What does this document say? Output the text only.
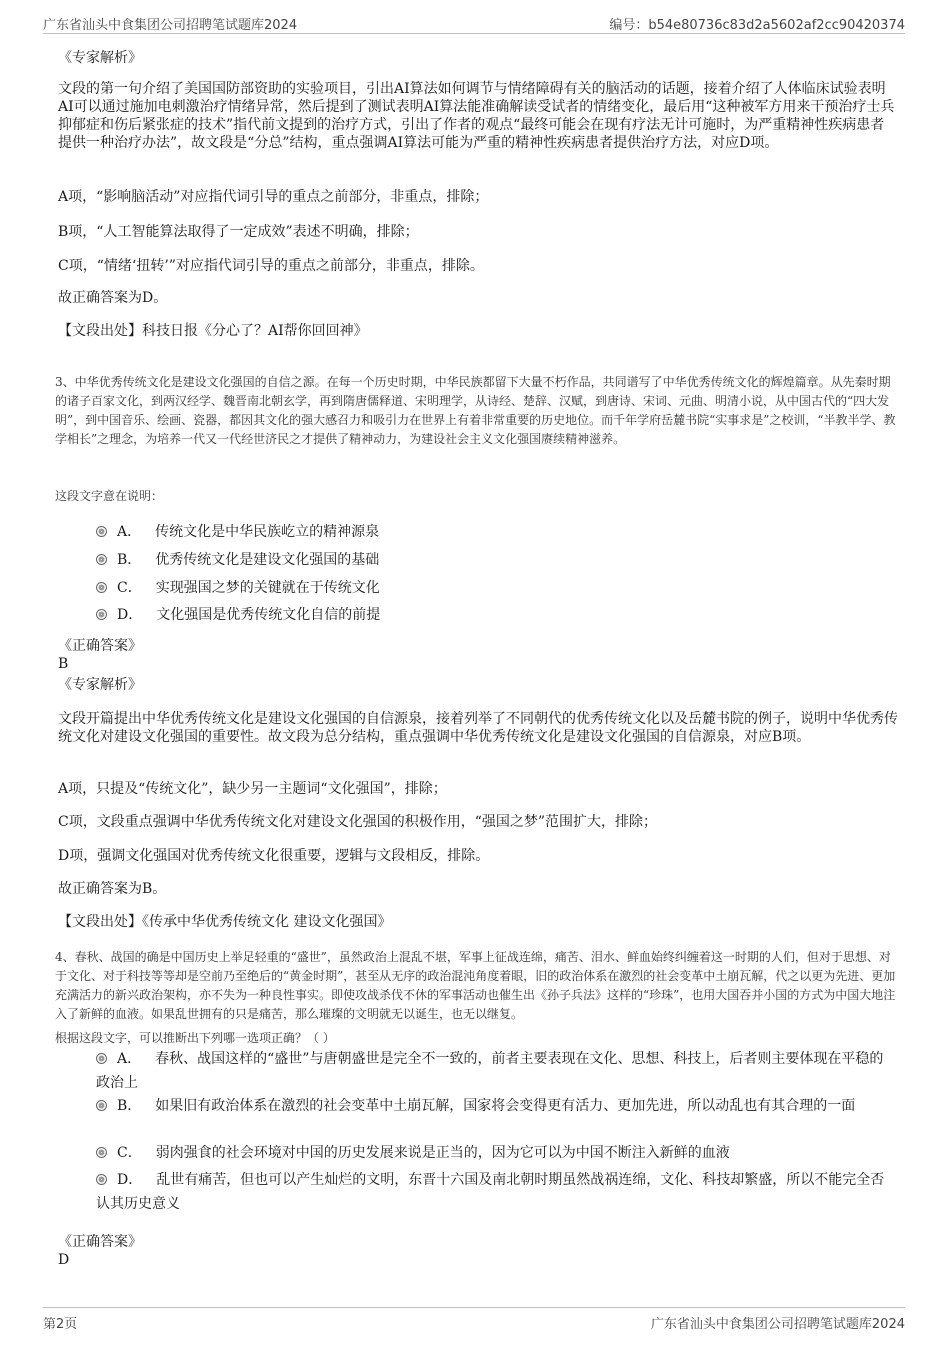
广东省汕头中食集团公司招聘笔试题库2024	编号：b54e80736c83d2a5602af2cc90420374
《专家解析》
文段的第一句介绍了美国国防部资助的实验项目，引出AI算法如何调节与情绪障碍有关的脑活动的话题，接着介绍了人体临床试验表明AI可以通过施加电刺激治疗情绪异常，然后提到了测试表明AI算法能准确解读受试者的情绪变化，最后用“这种被军方用来干预治疗士兵抑郁症和伤后紧张症的技术”指代前文提到的治疗方式，引出了作者的观点“最终可能会在现有疗法无计可施时，为严重精神性疾病患者提供一种治疗办法”，故文段是“分总”结构，重点强调AI算法可能为严重的精神性疾病患者提供治疗方法，对应D项。
A项，“影响脑活动”对应指代词引导的重点之前部分，非重点，排除；
B项，“人工智能算法取得了一定成效”表述不明确，排除；
C项，“情绪‘扭转’”对应指代词引导的重点之前部分，非重点，排除。
故正确答案为D。
【文段出处】科技日报《分心了？AI帮你回回神》
3、中华优秀传统文化是建设文化强国的自信之源。在每一个历史时期，中华民族都留下大量不朽作品，共同谱写了中华优秀传统文化的辉煌篇章。从先秦时期的诸子百家文化，到两汉经学、魏晋南北朝玄学，再到隋唐儒释道、宋明理学，从诗经、楚辞、汉赋，到唐诗、宋词、元曲、明清小说，从中国古代的“四大发明”，到中国音乐、绘画、瓷器，都因其文化的强大感召力和吸引力在世界上有着非常重要的历史地位。而千年学府岳麓书院“实事求是”之校训，“半教半学、教学相长”之理念，为培养一代又一代经世济民之才提供了精神动力，为建设社会主义文化强国赓续精神滋养。
这段文字意在说明：
A． 传统文化是中华民族屹立的精神源泉
B． 优秀传统文化是建设文化强国的基础
C． 实现强国之梦的关键就在于传统文化
D． 文化强国是优秀传统文化自信的前提
《正确答案》
B
《专家解析》
文段开篇提出中华优秀传统文化是建设文化强国的自信源泉，接着列举了不同朝代的优秀传统文化以及岳麓书院的例子，说明中华优秀传统文化对建设文化强国的重要性。故文段为总分结构，重点强调中华优秀传统文化是建设文化强国的自信源泉，对应B项。
A项，只提及“传统文化”，缺少另一主题词“文化强国”，排除；
C项，文段重点强调中华优秀传统文化对建设文化强国的积极作用，“强国之梦”范围扩大，排除；
D项，强调文化强国对优秀传统文化很重要，逻辑与文段相反，排除。
故正确答案为B。
【文段出处】《传承中华优秀传统文化 建设文化强国》
4、春秋、战国的确是中国历史上举足轻重的“盛世”，虽然政治上混乱不堪，军事上征战连绵，痛苦、泪水、鲜血始终纠缠着这一时期的人们，但对于思想、对于文化、对于科技等等却是空前乃至绝后的“黄金时期”，甚至从无序的政治混沌角度着眼，旧的政治体系在激烈的社会变革中土崩瓦解，代之以更为先进、更加充满活力的新兴政治架构，亦不失为一种良性事实。即使攻战杀伐不休的军事活动也催生出《孙子兵法》这样的“珍珠”，也用大国吞并小国的方式为中国大地注入了新鲜的血液。如果乱世拥有的只是痛苦，那么璀璨的文明就无以诞生，也无以继复。
根据这段文字，可以推断出下列哪一选项正确？（ ）
A． 春秋、战国这样的“盛世”与唐朝盛世是完全不一致的，前者主要表现在文化、思想、科技上，后者则主要体现在平稳的政治上
B． 如果旧有政治体系在激烈的社会变革中土崩瓦解，国家将会变得更有活力、更加先进，所以动乱也有其合理的一面
C． 弱肉强食的社会环境对中国的历史发展来说是正当的，因为它可以为中国不断注入新鲜的血液
D． 乱世有痛苦，但也可以产生灿烂的文明，东晋十六国及南北朝时期虽然战祸连绵，文化、科技却繁盛，所以不能完全否认其历史意义
《正确答案》
D
第2页	广东省汕头中食集团公司招聘笔试题库2024
